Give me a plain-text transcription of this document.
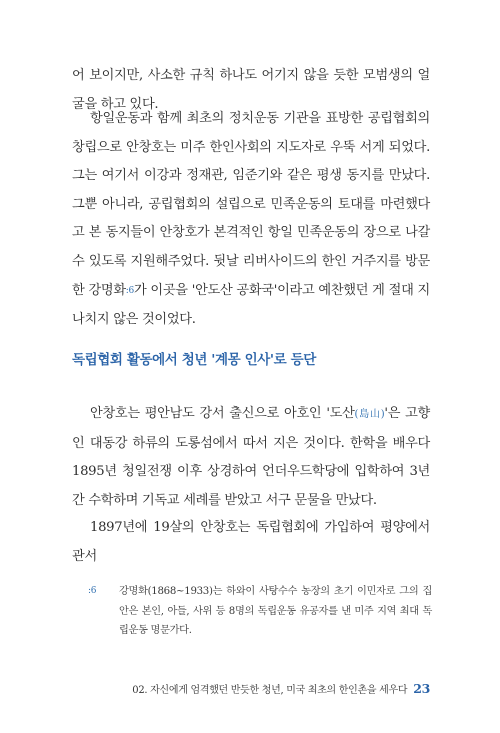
어 보이지만, 사소한 규칙 하나도 어기지 않을 듯한 모범생의 얼굴을 하고 있다.

항일운동과 함께 최초의 정치운동 기관을 표방한 공립협회의 창립으로 안창호는 미주 한인사회의 지도자로 우뚝 서게 되었다. 그는 여기서 이강과 정재관, 임준기와 같은 평생 동지를 만났다. 그뿐 아니라, 공립협회의 설립으로 민족운동의 토대를 마련했다고 본 동지들이 안창호가 본격적인 항일 민족운동의 장으로 나갈 수 있도록 지원해주었다. 뒷날 리버사이드의 한인 거주지를 방문한 강명화:6가 이곳을 '안도산 공화국'이라고 예찬했던 게 절대 지나치지 않은 것이었다.

독립협회 활동에서 청년 '계몽 인사'로 등단

안창호는 평안남도 강서 출신으로 아호인 '도산(島山)'은 고향인 대동강 하류의 도롱섬에서 따서 지은 것이다. 한학을 배우다 1895년 청일전쟁 이후 상경하여 언더우드학당에 입학하여 3년간 수학하며 기독교 세례를 받았고 서구 문물을 만났다.

1897년에 19살의 안창호는 독립협회에 가입하여 평양에서 관서

:6 강명화(1868~1933)는 하와이 사탕수수 농장의 초기 이민자로 그의 집안은 본인, 아들, 사위 등 8명의 독립운동 유공자를 낸 미주 지역 최대 독립운동 명문가다.
02. 자신에게 엄격했던 반듯한 청년, 미국 최초의 한인촌을 세우다 23
